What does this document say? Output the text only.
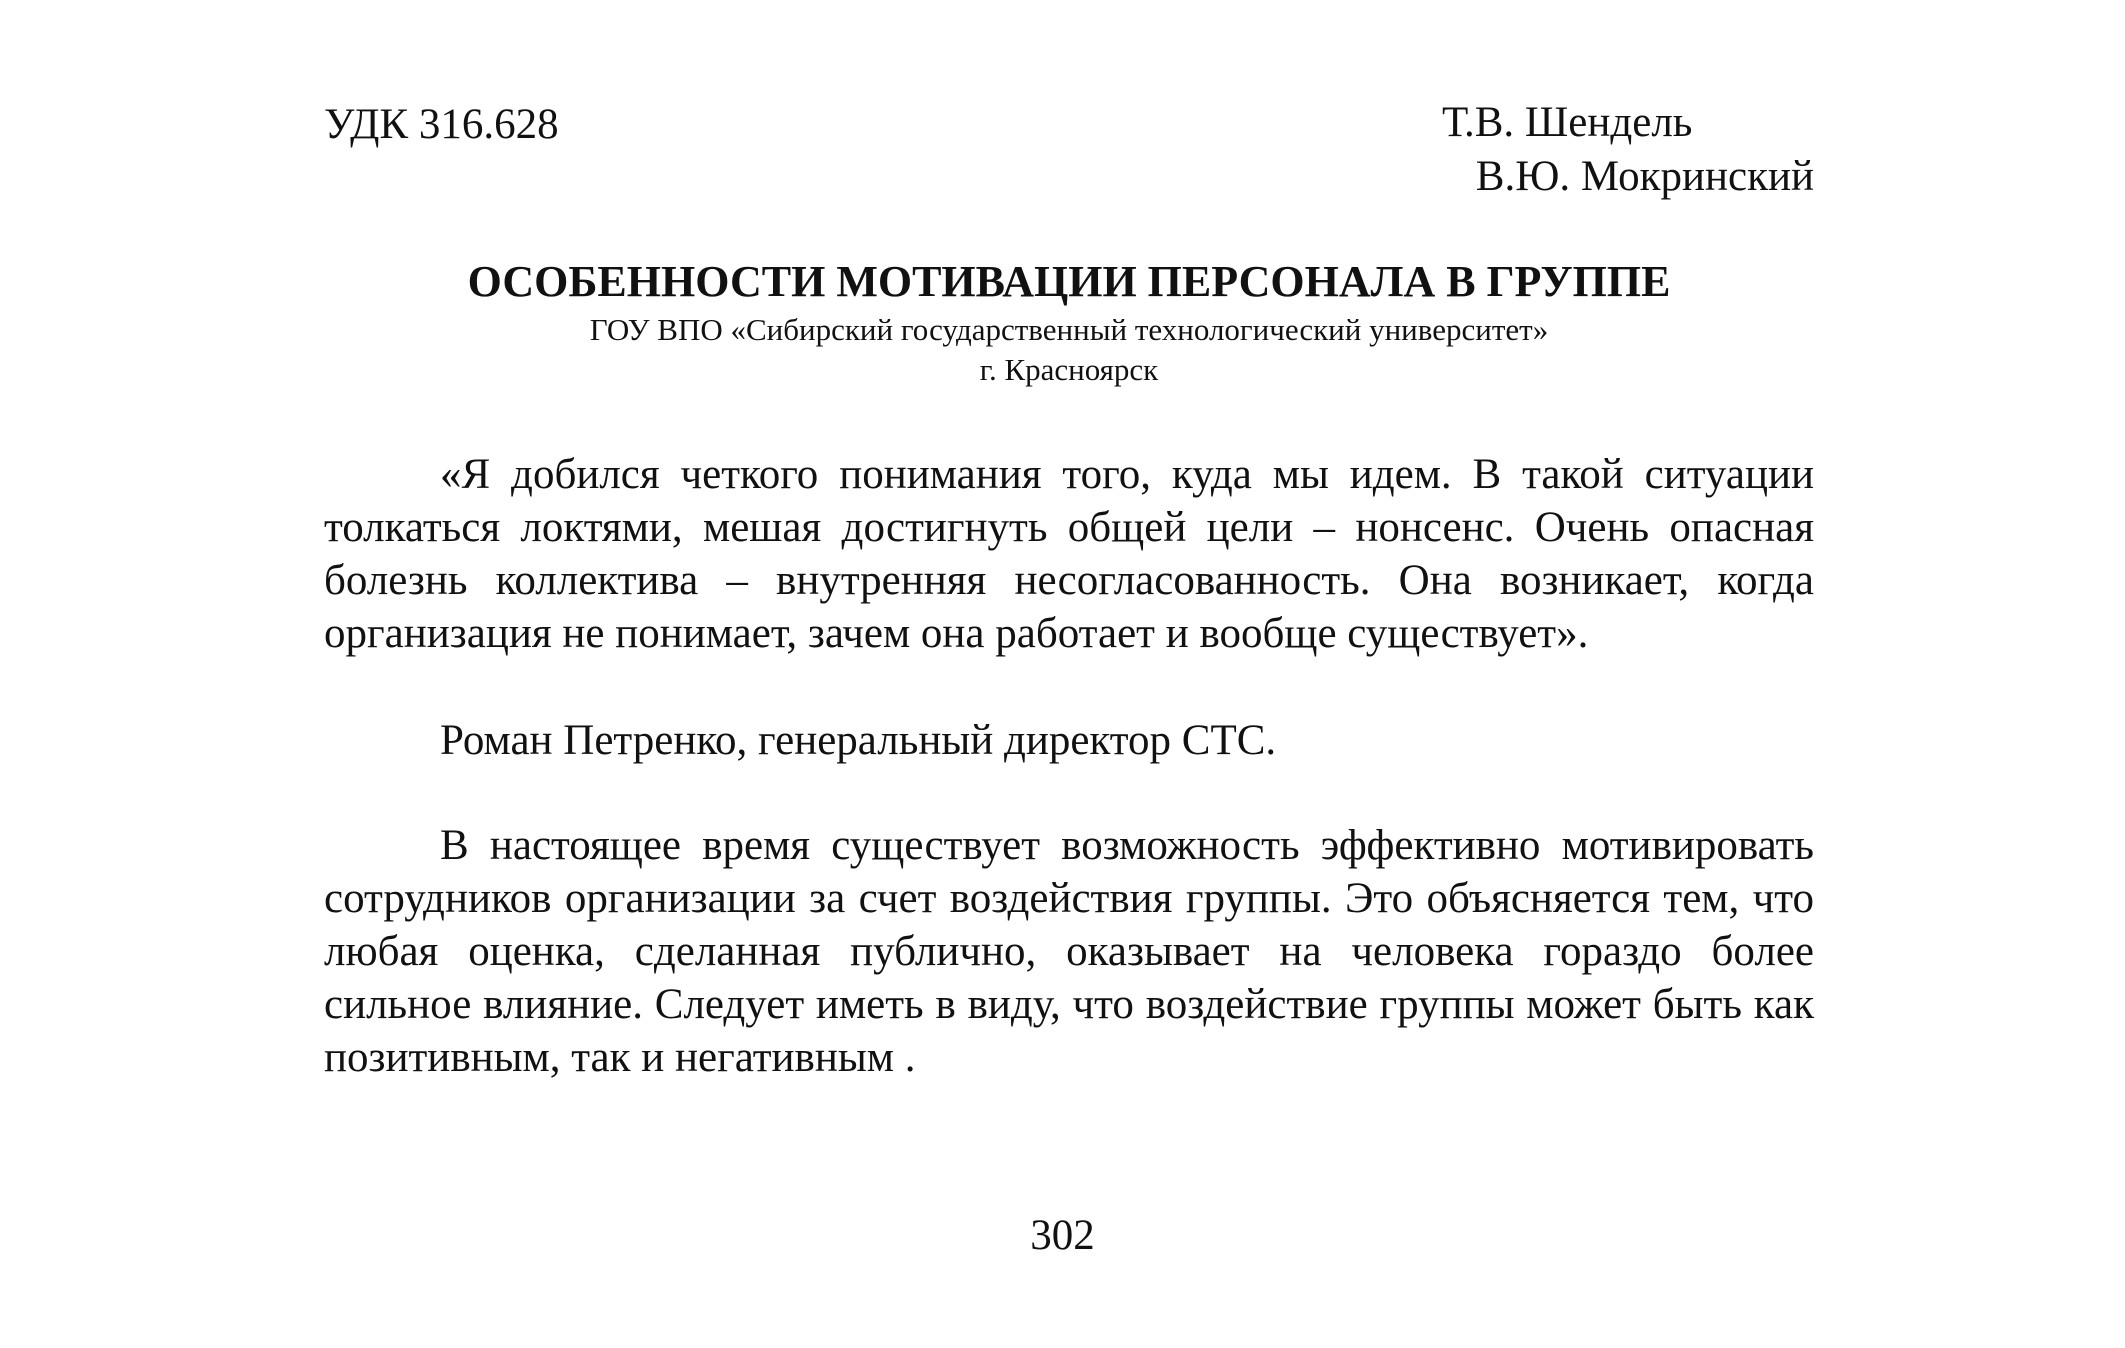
УДК 316.628	Т.В. Шендель
В.Ю. Мокринский
ОСОБЕННОСТИ МОТИВАЦИИ ПЕРСОНАЛА В ГРУППЕ
ГОУ ВПО «Сибирский государственный технологический университет»
г. Красноярск
«Я добился четкого понимания того, куда мы идем. В такой ситуации толкаться локтями, мешая достигнуть общей цели – нонсенс. Очень опасная болезнь коллектива – внутренняя несогласованность. Она возникает, когда организация не понимает, зачем она работает и вообще существует».
Роман Петренко, генеральный директор СТС.
В настоящее время существует возможность эффективно мотивировать сотрудников организации за счет воздействия группы. Это объясняется тем, что любая оценка, сделанная публично, оказывает на человека гораздо более сильное влияние. Следует иметь в виду, что воздействие группы может быть как позитивным, так и негативным .
302
